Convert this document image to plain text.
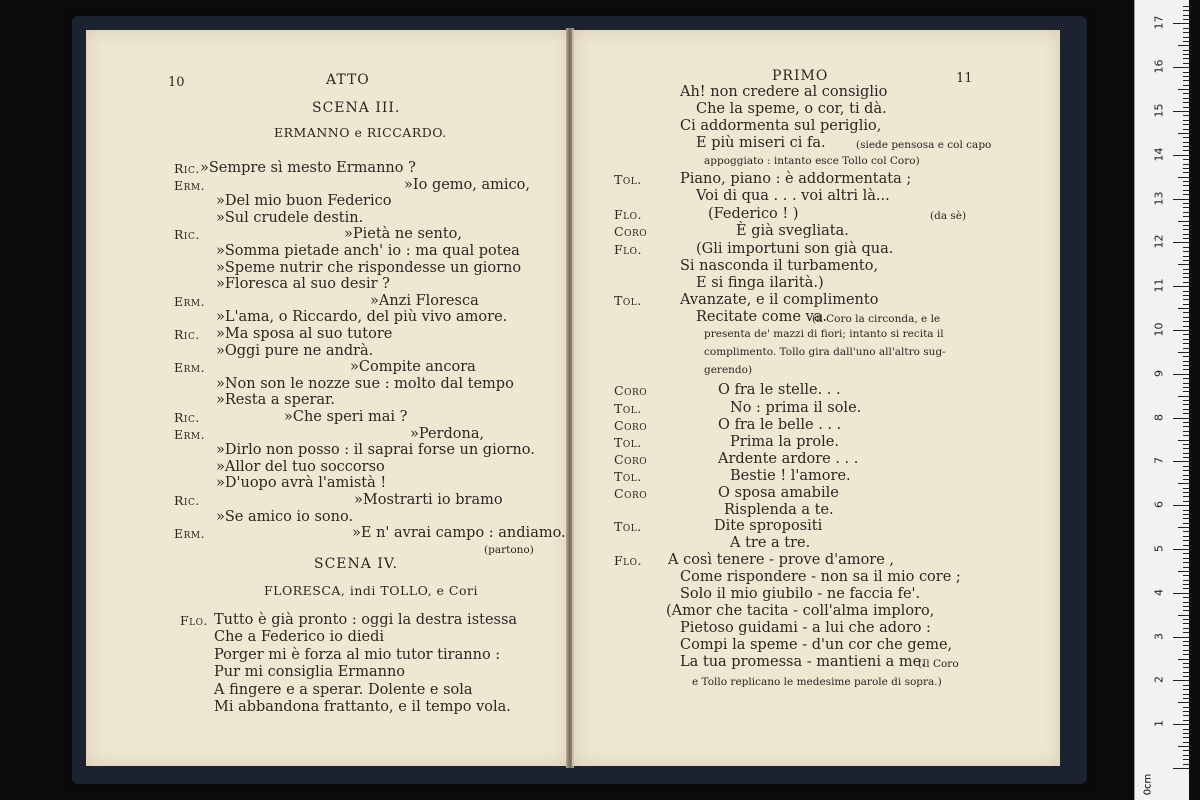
10	ATTO
SCENA III.
ERMANNO e RICCARDO.
Ric. »Sempre sì mesto Ermanno ?
Erm.	»Io gemo, amico,
»Del mio buon Federico
»Sul crudele destin.
Ric.	»Pietà ne sento,
»Somma pietade anch' io : ma qual potea
»Speme nutrir che rispondesse un giorno
»Floresca al suo desir ?
Erm.	»Anzi Floresca
»L'ama, o Riccardo, del più vivo amore.
Ric. »Ma sposa al suo tutore
»Oggi pure ne andrà.
Erm.	»Compite ancora
»Non son le nozze sue : molto dal tempo
»Resta a sperar.
Ric.	»Che speri mai ?
Erm.	»Perdona,
»Dirlo non posso : il saprai forse un giorno.
»Allor del tuo soccorso
»D'uopo avrà l'amistà !
Ric.	»Mostrarti io bramo
»Se amico io sono.
Erm.	»E n' avrai campo : andiamo.
(partono)
SCENA IV.
FLORESCA, indi TOLLO, e Cori
Flo. Tutto è già pronto : oggi la destra istessa
Che a Federico io diedi
Porger mi è forza al mio tutor tiranno :
Pur mi consiglia Ermanno
A fingere e a sperar. Dolente e sola
Mi abbandona frattanto, e il tempo vola.
PRIMO	11
Ah! non credere al consiglio
Che la speme, o cor, ti dà.
Ci addormenta sul periglio,
E più miseri ci fa.	(siede pensosa e col capo
appoggiato : intanto esce Tollo col Coro)
Tol.	Piano, piano : è addormentata ;
Voi di qua . . . voi altri là...
Flo.	(Federico ! )	(da sè)
Coro	È già svegliata.
Flo.	(Gli importuni son già qua.
Si nasconda il turbamento,
E si finga ilarità.)
Tol.	Avanzate, e il complimento
Recitate come va.
(il Coro la circonda, e le
presenta de' mazzi di fiori; intanto si recita il
complimento. Tollo gira dall'uno all'altro sug-
gerendo)
Coro	O fra le stelle. . .
Tol.	No : prima il sole.
Coro	O fra le belle . . .
Tol.	Prima la prole.
Coro	Ardente ardore . . .
Tol.	Bestie ! l'amore.
Coro	O sposa amabile
Risplenda a te.
Tol.	Dite spropositi
A tre a tre.
Flo. A così tenere - prove d'amore ,
Come rispondere - non sa il mio core ;
Solo il mio giubilo - ne faccia fe'.
(Amor che tacita - coll'alma imploro,
Pietoso guidami - a lui che adoro :
Compi la speme - d'un cor che geme,
La tua promessa - mantieni a me.
(Il Coro
e Tollo replicano le medesime parole di sopra.)
0cm
1
2
3
4
5
6
7
8
9
10
11
12
13
14
15
16
17
